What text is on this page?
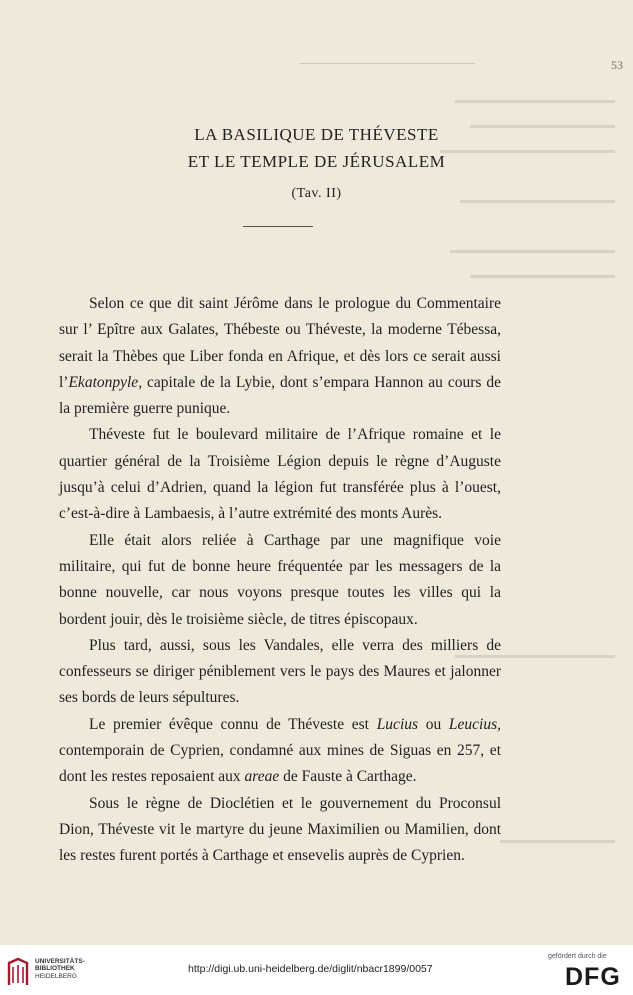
53
LA BASILIQUE DE THÉVESTE
ET LE TEMPLE DE JÉRUSALEM
(Tav. II)

Selon ce que dit saint Jérôme dans le prologue du Commentaire sur l’ Epître aux Galates, Thébeste ou Théveste, la moderne Tébessa, serait la Thèbes que Liber fonda en Afrique, et dès lors ce serait aussi l’Ekatonpyle, capitale de la Lybie, dont s’empara Hannon au cours de la première guerre punique.

Théveste fut le boulevard militaire de l’Afrique romaine et le quartier général de la Troisième Légion depuis le règne d’Auguste jusqu’à celui d’Adrien, quand la légion fut transférée plus à l’ouest, c’est-à-dire à Lambaesis, à l’autre extrémité des monts Aurès.

Elle était alors reliée à Carthage par une magnifique voie militaire, qui fut de bonne heure fréquentée par les messagers de la bonne nouvelle, car nous voyons presque toutes les villes qui la bordent jouir, dès le troisième siècle, de titres épiscopaux.

Plus tard, aussi, sous les Vandales, elle verra des milliers de confesseurs se diriger péniblement vers le pays des Maures et jalonner ses bords de leurs sépultures.

Le premier évêque connu de Théveste est Lucius ou Leucius, contemporain de Cyprien, condamné aux mines de Siguas en 257, et dont les restes reposaient aux areae de Fauste à Carthage.

Sous le règne de Dioclétien et le gouvernement du Proconsul Dion, Théveste vit le martyre du jeune Maximilien ou Mamilien, dont les restes furent portés à Carthage et ensevelis auprès de Cyprien.

UNIVERSITÄTS-
BIBLIOTHEK
HEIDELBERG
http://digi.ub.uni-heidelberg.de/diglit/nbacr1899/0057
gefördert durch die
DFG
